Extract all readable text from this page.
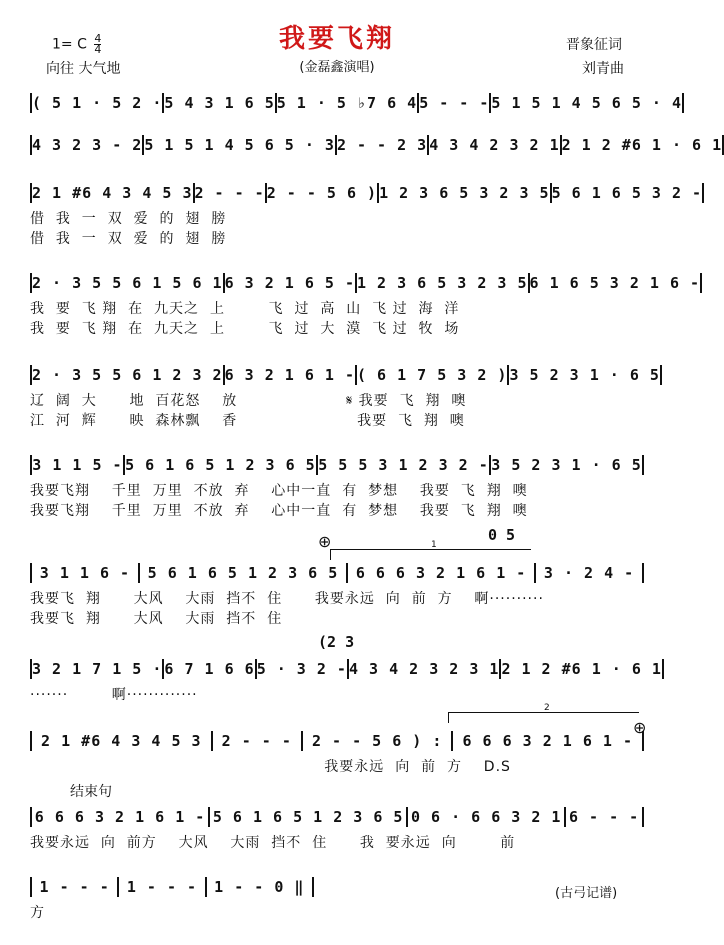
我要飞翔
(金磊鑫演唱)
1= C $\frac{4}{4}$
向往 大气地
晋象征词
刘青曲
( 5 1 · 5 2 · 5 4 3 1 6 5 5 1 · 5 ♭7 6 4 5 - - - 5 1 5 1 4 5 6 5 · 4
4 3 2 3 - 2 5 1 5 1 4 5 6 5 · 3 2 - - 2 3 4 3 4 2 3 2 1 2 1 2 #6 1 · 6 1
2 1 #6 4 3 4 5 3 2 - - - 2 - - 5 6 ) 1 2 3 6 5 3 2 3 5 5 6 1 6 5 3 2 -
借  我  一  双  爱  的  翅  膀
借  我  一  双  爱  的  翅  膀
2 · 3 5 5 6 1 5 6 1 6 3 2 1 6 5 - 1 2 3 6 5 3 2 3 5 6 1 6 5 3 2 1 6 -
我  要  飞 翔  在  九天之  上        飞  过  高  山  飞 过  海  洋
我  要  飞 翔  在  九天之  上        飞  过  大  漠  飞 过  牧  场
2 · 3 5 5 6 1 2 3 2 6 3 2 1 6 1 - ( 6 1 7 5 3 2 ) 3 5 2 3 1 · 6 5
辽  阔  大      地  百花怒    放                    𝄋 我要  飞  翔  噢
江  河  辉      映  森林飘    香                      我要  飞  翔  噢
3 1 1 5 - 5 6 1 6 5 1 2 3 6 5 5 5 5 3 1 2 3 2 - 3 5 2 3 1 · 6 5
我要飞翔    千里  万里  不放  弃    心中一直  有  梦想    我要  飞  翔  噢
我要飞翔    千里  万里  不放  弃    心中一直  有  梦想    我要  飞  翔  噢
3 1 1 6 -	5 6 1 6 5 1 2 3 6 5	6 6 6 3 2 1 6 1 -	3 · 2 4 -
我要飞  翔      大风    大雨  挡不  住      我要永远  向  前  方    啊··········
我要飞  翔      大风    大雨  挡不  住
3 2 1 7 1 5 · 6 7 1 6 6 5 · 3 2 - 4 3 4 2 3 2 3 1 2 1 2 #6 1 · 6 1
·······        啊·············
2 1 #6 4 3 4 5 3	2 - - -	2 - - 5 6 ) :	6 6 6 3 2 1 6 1 -
我要永远  向  前  方    D.S
6 6 6 3 2 1 6 1 - 5 6 1 6 5 1 2 3 6 5 0 6 · 6 6 3 2 1 6 - - -
我要永远  向  前方    大风    大雨  挡不  住      我  要永远  向        前
1 - - -	1 - - -	1 - - 0 ‖
方
0 5
(2 3
⊕
⊕
1
2
结束句
(古弓记谱)
